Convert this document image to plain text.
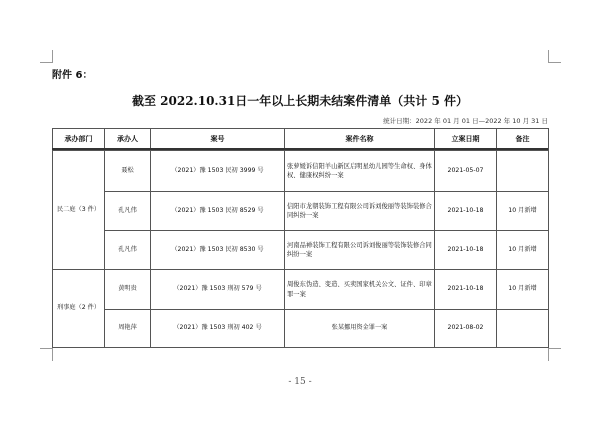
附件 6：
截至 2022.10.31日一年以上长期未结案件清单（共计 5 件）
统计日期：2022 年 01 月 01 日—2022 年 10 月 31 日
承办部门	承办人	案号	案件名称	立案日期	备注
民二庭（3 件）	聂松	（2021）豫 1503 民初 3999 号	张萝媛诉信阳羊山新区启明星幼儿园等生命权、身体权、健康权纠纷一案	2021-05-07	
	孔凡伟	（2021）豫 1503 民初 8529 号	信阳市龙朝装饰工程有限公司诉刘俊丽等装饰装修合同纠纷一案	2021-10-18	10 月新增
	孔凡伟	（2021）豫 1503 民初 8530 号	河南品禅装饰工程有限公司诉刘俊丽等装饰装修合同纠纷一案	2021-10-18	10 月新增
刑事庭（2 件）	黄明贵	（2021）豫 1503 刑初 579 号	周俊东伪造、变造、买卖国家机关公文、证件、印章罪一案	2021-10-18	10 月新增
	周艳萍	（2021）豫 1503 刑初 402 号	张某挪用资金罪一案	2021-08-02	
- 15 -
